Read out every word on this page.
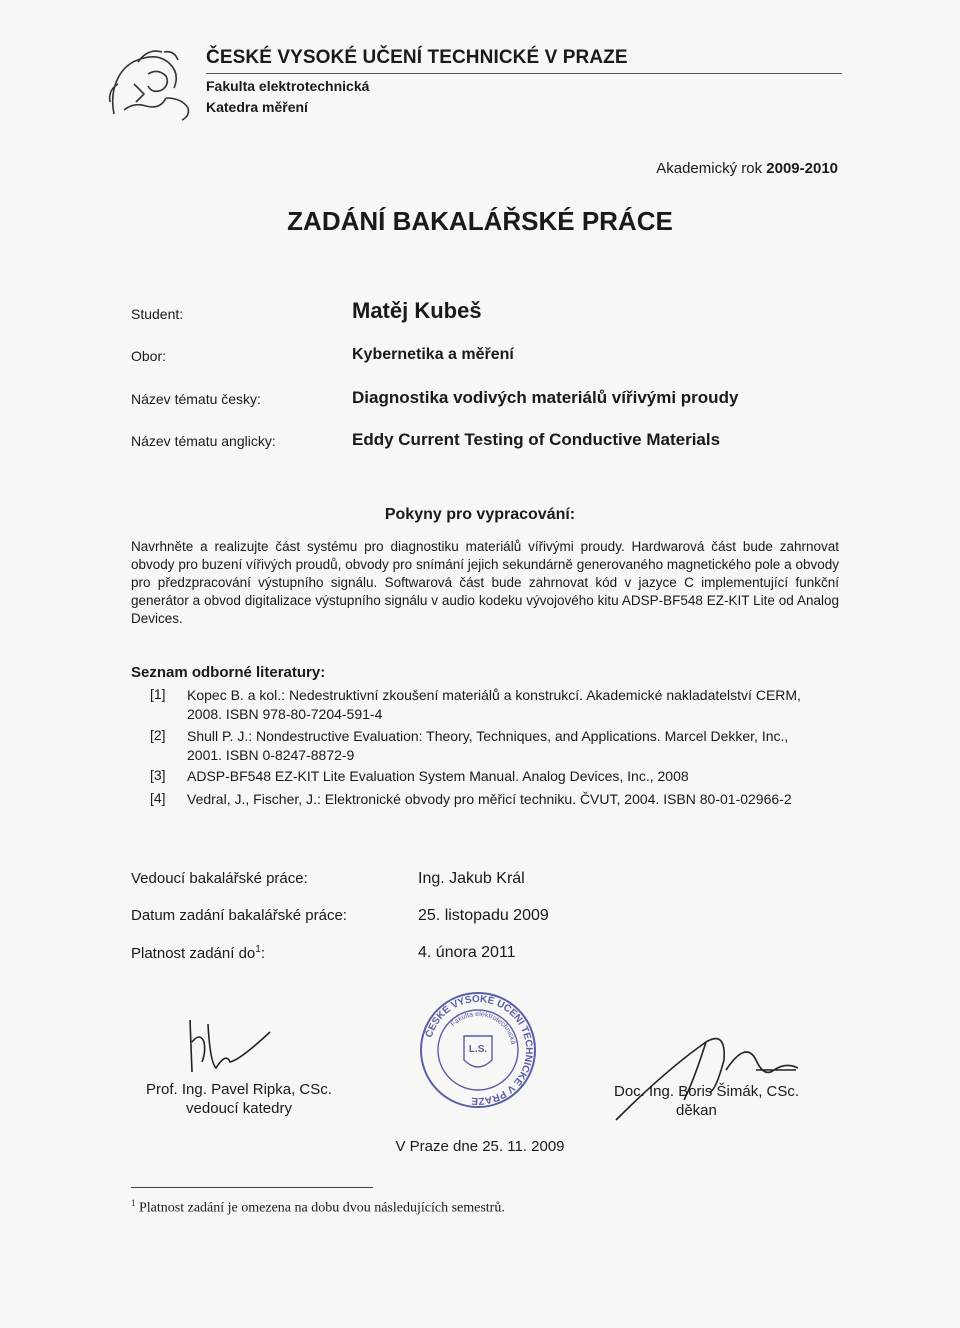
ČESKÉ VYSOKÉ UČENÍ TECHNICKÉ V PRAZE
Fakulta elektrotechnická
Katedra měření
Akademický rok 2009-2010
ZADÁNÍ BAKALÁŘSKÉ PRÁCE
Student:	Matěj Kubeš
Obor:	Kybernetika a měření
Název tématu česky:	Diagnostika vodivých materiálů vířivými proudy
Název tématu anglicky:	Eddy Current Testing of Conductive Materials
Pokyny pro vypracování:
Navrhněte a realizujte část systému pro diagnostiku materiálů vířivými proudy. Hardwarová část bude zahrnovat obvody pro buzení vířivých proudů, obvody pro snímání jejich sekundárně generovaného magnetického pole a obvody pro předzpracování výstupního signálu. Softwarová část bude zahrnovat kód v jazyce C implementující funkční generátor a obvod digitalizace výstupního signálu v audio kodeku vývojového kitu ADSP-BF548 EZ-KIT Lite od Analog Devices.
Seznam odborné literatury:
[1] Kopec B. a kol.: Nedestruktivní zkoušení materiálů a konstrukcí. Akademické nakladatelství CERM, 2008. ISBN 978-80-7204-591-4
[2] Shull P. J.: Nondestructive Evaluation: Theory, Techniques, and Applications. Marcel Dekker, Inc., 2001. ISBN 0-8247-8872-9
[3] ADSP-BF548 EZ-KIT Lite Evaluation System Manual. Analog Devices, Inc., 2008
[4] Vedral, J., Fischer, J.: Elektronické obvody pro měřicí techniku. ČVUT, 2004. ISBN 80-01-02966-2
Vedoucí bakalářské práce:	Ing. Jakub Král
Datum zadání bakalářské práce:	25. listopadu 2009
Platnost zadání $do^1$:	4. února 2011
ČESKÉ VYSOKÉ UČENÍ TECHNICKÉ V PRAZE
Fakulta elektrotechnická
L.S.
Prof. Ing. Pavel Ripka, CSc.
vedoucí katedry
Doc. Ing. Boris Šimák, CSc.
děkan
V Praze dne 25. 11. 2009
$^1$ Platnost zadání je omezena na dobu dvou následujících semestrů.
